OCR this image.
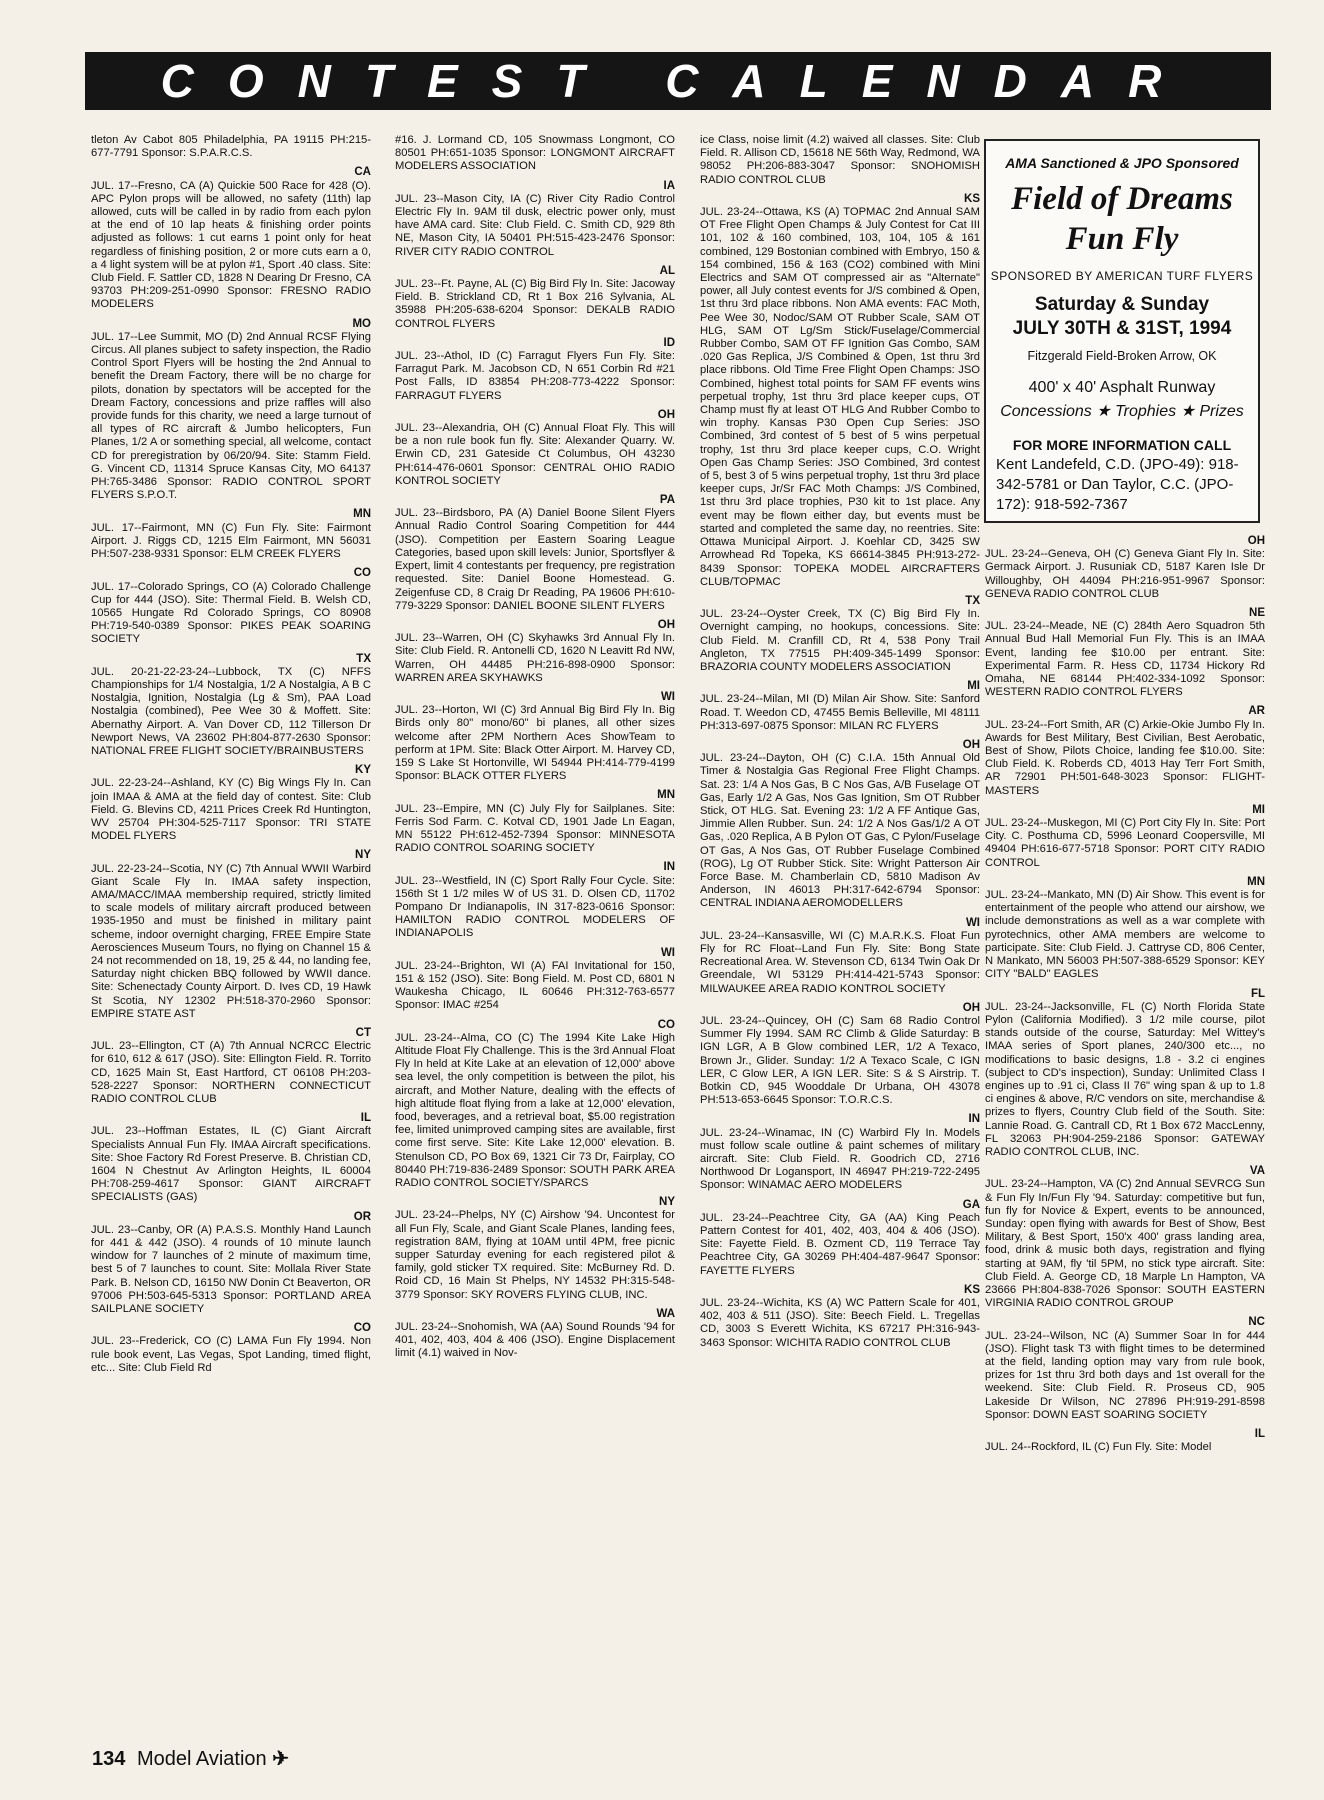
CONTEST CALENDAR
tleton Av Cabot 805 Philadelphia, PA 19115 PH:215-677-7791 Sponsor: S.P.A.R.C.S.
CA
JUL. 17--Fresno, CA (A) Quickie 500 Race for 428 (O). APC Pylon props will be allowed, no safety (11th) lap allowed, cuts will be called in by radio from each pylon at the end of 10 lap heats & finishing order points adjusted as follows: 1 cut earns 1 point only for heat regardless of finishing position, 2 or more cuts earn a 0, a 4 light system will be at pylon #1, Sport .40 class. Site: Club Field. F. Sattler CD, 1828 N Dearing Dr Fresno, CA 93703 PH:209-251-0990 Sponsor: FRESNO RADIO MODELERS
MO
JUL. 17--Lee Summit, MO (D) 2nd Annual RCSF Flying Circus. All planes subject to safety inspection, the Radio Control Sport Flyers will be hosting the 2nd Annual to benefit the Dream Factory, there will be no charge for pilots, donation by spectators will be accepted for the Dream Factory, concessions and prize raffles will also provide funds for this charity, we need a large turnout of all types of RC aircraft & Jumbo helicopters, Fun Planes, 1/2 A or something special, all welcome, contact CD for preregistration by 06/20/94. Site: Stamm Field. G. Vincent CD, 11314 Spruce Kansas City, MO 64137 PH:765-3486 Sponsor: RADIO CONTROL SPORT FLYERS S.P.O.T.
MN
JUL. 17--Fairmont, MN (C) Fun Fly. Site: Fairmont Airport. J. Riggs CD, 1215 Elm Fairmont, MN 56031 PH:507-238-9331 Sponsor: ELM CREEK FLYERS
CO
JUL. 17--Colorado Springs, CO (A) Colorado Challenge Cup for 444 (JSO). Site: Thermal Field. B. Welsh CD, 10565 Hungate Rd Colorado Springs, CO 80908 PH:719-540-0389 Sponsor: PIKES PEAK SOARING SOCIETY
TX
JUL. 20-21-22-23-24--Lubbock, TX (C) NFFS Championships for 1/4 Nostalgia, 1/2 A Nostalgia, A B C Nostalgia, Ignition, Nostalgia (Lg & Sm), PAA Load Nostalgia (combined), Pee Wee 30 & Moffett. Site: Abernathy Airport. A. Van Dover CD, 112 Tillerson Dr Newport News, VA 23602 PH:804-877-2630 Sponsor: NATIONAL FREE FLIGHT SOCIETY/BRAINBUSTERS
KY
JUL. 22-23-24--Ashland, KY (C) Big Wings Fly In. Can join IMAA & AMA at the field day of contest. Site: Club Field. G. Blevins CD, 4211 Prices Creek Rd Huntington, WV 25704 PH:304-525-7117 Sponsor: TRI STATE MODEL FLYERS
NY
JUL. 22-23-24--Scotia, NY (C) 7th Annual WWII Warbird Giant Scale Fly In. IMAA safety inspection, AMA/MACC/IMAA membership required, strictly limited to scale models of military aircraft produced between 1935-1950 and must be finished in military paint scheme, indoor overnight charging, FREE Empire State Aerosciences Museum Tours, no flying on Channel 15 & 24 not recommended on 18, 19, 25 & 44, no landing fee, Saturday night chicken BBQ followed by WWII dance. Site: Schenectady County Airport. D. Ives CD, 19 Hawk St Scotia, NY 12302 PH:518-370-2960 Sponsor: EMPIRE STATE AST
CT
JUL. 23--Ellington, CT (A) 7th Annual NCRCC Electric for 610, 612 & 617 (JSO). Site: Ellington Field. R. Torrito CD, 1625 Main St, East Hartford, CT 06108 PH:203-528-2227 Sponsor: NORTHERN CONNECTICUT RADIO CONTROL CLUB
IL
JUL. 23--Hoffman Estates, IL (C) Giant Aircraft Specialists Annual Fun Fly. IMAA Aircraft specifications. Site: Shoe Factory Rd Forest Preserve. B. Christian CD, 1604 N Chestnut Av Arlington Heights, IL 60004 PH:708-259-4617 Sponsor: GIANT AIRCRAFT SPECIALISTS (GAS)
OR
JUL. 23--Canby, OR (A) P.A.S.S. Monthly Hand Launch for 441 & 442 (JSO). 4 rounds of 10 minute launch window for 7 launches of 2 minute of maximum time, best 5 of 7 launches to count. Site: Mollala River State Park. B. Nelson CD, 16150 NW Donin Ct Beaverton, OR 97006 PH:503-645-5313 Sponsor: PORTLAND AREA SAILPLANE SOCIETY
CO
JUL. 23--Frederick, CO (C) LAMA Fun Fly 1994. Non rule book event, Las Vegas, Spot Landing, timed flight, etc... Site: Club Field Rd
#16. J. Lormand CD, 105 Snowmass Longmont, CO 80501 PH:651-1035 Sponsor: LONGMONT AIRCRAFT MODELERS ASSOCIATION
IA
JUL. 23--Mason City, IA (C) River City Radio Control Electric Fly In. 9AM til dusk, electric power only, must have AMA card. Site: Club Field. C. Smith CD, 929 8th NE, Mason City, IA 50401 PH:515-423-2476 Sponsor: RIVER CITY RADIO CONTROL
AL
JUL. 23--Ft. Payne, AL (C) Big Bird Fly In. Site: Jacoway Field. B. Strickland CD, Rt 1 Box 216 Sylvania, AL 35988 PH:205-638-6204 Sponsor: DEKALB RADIO CONTROL FLYERS
ID
JUL. 23--Athol, ID (C) Farragut Flyers Fun Fly. Site: Farragut Park. M. Jacobson CD, N 651 Corbin Rd #21 Post Falls, ID 83854 PH:208-773-4222 Sponsor: FARRAGUT FLYERS
OH
JUL. 23--Alexandria, OH (C) Annual Float Fly. This will be a non rule book fun fly. Site: Alexander Quarry. W. Erwin CD, 231 Gateside Ct Columbus, OH 43230 PH:614-476-0601 Sponsor: CENTRAL OHIO RADIO KONTROL SOCIETY
PA
JUL. 23--Birdsboro, PA (A) Daniel Boone Silent Flyers Annual Radio Control Soaring Competition for 444 (JSO). Competition per Eastern Soaring League Categories, based upon skill levels: Junior, Sportsflyer & Expert, limit 4 contestants per frequency, pre registration requested. Site: Daniel Boone Homestead. G. Zeigenfuse CD, 8 Craig Dr Reading, PA 19606 PH:610-779-3229 Sponsor: DANIEL BOONE SILENT FLYERS
OH
JUL. 23--Warren, OH (C) Skyhawks 3rd Annual Fly In. Site: Club Field. R. Antonelli CD, 1620 N Leavitt Rd NW, Warren, OH 44485 PH:216-898-0900 Sponsor: WARREN AREA SKYHAWKS
WI
JUL. 23--Horton, WI (C) 3rd Annual Big Bird Fly In. Big Birds only 80" mono/60" bi planes, all other sizes welcome after 2PM Northern Aces ShowTeam to perform at 1PM. Site: Black Otter Airport. M. Harvey CD, 159 S Lake St Hortonville, WI 54944 PH:414-779-4199 Sponsor: BLACK OTTER FLYERS
MN
JUL. 23--Empire, MN (C) July Fly for Sailplanes. Site: Ferris Sod Farm. C. Kotval CD, 1901 Jade Ln Eagan, MN 55122 PH:612-452-7394 Sponsor: MINNESOTA RADIO CONTROL SOARING SOCIETY
IN
JUL. 23--Westfield, IN (C) Sport Rally Four Cycle. Site: 156th St 1 1/2 miles W of US 31. D. Olsen CD, 11702 Pompano Dr Indianapolis, IN 317-823-0616 Sponsor: HAMILTON RADIO CONTROL MODELERS OF INDIANAPOLIS
WI
JUL. 23-24--Brighton, WI (A) FAI Invitational for 150, 151 & 152 (JSO). Site: Bong Field. M. Post CD, 6801 N Waukesha Chicago, IL 60646 PH:312-763-6577 Sponsor: IMAC #254
CO
JUL. 23-24--Alma, CO (C) The 1994 Kite Lake High Altitude Float Fly Challenge. This is the 3rd Annual Float Fly In held at Kite Lake at an elevation of 12,000' above sea level, the only competition is between the pilot, his aircraft, and Mother Nature, dealing with the effects of high altitude float flying from a lake at 12,000' elevation, food, beverages, and a retrieval boat, $5.00 registration fee, limited unimproved camping sites are available, first come first serve. Site: Kite Lake 12,000' elevation. B. Stenulson CD, PO Box 69, 1321 Cir 73 Dr, Fairplay, CO 80440 PH:719-836-2489 Sponsor: SOUTH PARK AREA RADIO CONTROL SOCIETY/SPARCS
NY
JUL. 23-24--Phelps, NY (C) Airshow '94. Uncontest for all Fun Fly, Scale, and Giant Scale Planes, landing fees, registration 8AM, flying at 10AM until 4PM, free picnic supper Saturday evening for each registered pilot & family, gold sticker TX required. Site: McBurney Rd. D. Roid CD, 16 Main St Phelps, NY 14532 PH:315-548-3779 Sponsor: SKY ROVERS FLYING CLUB, INC.
WA
JUL. 23-24--Snohomish, WA (AA) Sound Rounds '94 for 401, 402, 403, 404 & 406 (JSO). Engine Displacement limit (4.1) waived in Nov-
ice Class, noise limit (4.2) waived all classes. Site: Club Field. R. Allison CD, 15618 NE 56th Way, Redmond, WA 98052 PH:206-883-3047 Sponsor: SNOHOMISH RADIO CONTROL CLUB
KS
JUL. 23-24--Ottawa, KS (A) TOPMAC 2nd Annual SAM OT Free Flight Open Champs & July Contest for Cat III 101, 102 & 160 combined, 103, 104, 105 & 161 combined, 129 Bostonian combined with Embryo, 150 & 154 combined, 156 & 163 (CO2) combined with Mini Electrics and SAM OT compressed air as "Alternate" power, all July contest events for J/S combined & Open, 1st thru 3rd place ribbons. Non AMA events: FAC Moth, Pee Wee 30, Nodoc/SAM OT Rubber Scale, SAM OT HLG, SAM OT Lg/Sm Stick/Fuselage/Commercial Rubber Combo, SAM OT FF Ignition Gas Combo, SAM .020 Gas Replica, J/S Combined & Open, 1st thru 3rd place ribbons. Old Time Free Flight Open Champs: JSO Combined, highest total points for SAM FF events wins perpetual trophy, 1st thru 3rd place keeper cups, OT Champ must fly at least OT HLG And Rubber Combo to win trophy. Kansas P30 Open Cup Series: JSO Combined, 3rd contest of 5 best of 5 wins perpetual trophy, 1st thru 3rd place keeper cups, C.O. Wright Open Gas Champ Series: JSO Combined, 3rd contest of 5, best 3 of 5 wins perpetual trophy, 1st thru 3rd place keeper cups, Jr/Sr FAC Moth Champs: J/S Combined, 1st thru 3rd place trophies, P30 kit to 1st place. Any event may be flown either day, but events must be started and completed the same day, no reentries. Site: Ottawa Municipal Airport. J. Koehlar CD, 3425 SW Arrowhead Rd Topeka, KS 66614-3845 PH:913-272-8439 Sponsor: TOPEKA MODEL AIRCRAFTERS CLUB/TOPMAC
TX
JUL. 23-24--Oyster Creek, TX (C) Big Bird Fly In. Overnight camping, no hookups, concessions. Site: Club Field. M. Cranfill CD, Rt 4, 538 Pony Trail Angleton, TX 77515 PH:409-345-1499 Sponsor: BRAZORIA COUNTY MODELERS ASSOCIATION
MI
JUL. 23-24--Milan, MI (D) Milan Air Show. Site: Sanford Road. T. Weedon CD, 47455 Bemis Belleville, MI 48111 PH:313-697-0875 Sponsor: MILAN RC FLYERS
OH
JUL. 23-24--Dayton, OH (C) C.I.A. 15th Annual Old Timer & Nostalgia Gas Regional Free Flight Champs. Sat. 23: 1/4 A Nos Gas, B C Nos Gas, A/B Fuselage OT Gas, Early 1/2 A Gas, Nos Gas Ignition, Sm OT Rubber Stick, OT HLG. Sat. Evening 23: 1/2 A FF Antique Gas, Jimmie Allen Rubber. Sun. 24: 1/2 A Nos Gas/1/2 A OT Gas, .020 Replica, A B Pylon OT Gas, C Pylon/Fuselage OT Gas, A Nos Gas, OT Rubber Fuselage Combined (ROG), Lg OT Rubber Stick. Site: Wright Patterson Air Force Base. M. Chamberlain CD, 5810 Madison Av Anderson, IN 46013 PH:317-642-6794 Sponsor: CENTRAL INDIANA AEROMODELLERS
WI
JUL. 23-24--Kansasville, WI (C) M.A.R.K.S. Float Fun Fly for RC Float--Land Fun Fly. Site: Bong State Recreational Area. W. Stevenson CD, 6134 Twin Oak Dr Greendale, WI 53129 PH:414-421-5743 Sponsor: MILWAUKEE AREA RADIO KONTROL SOCIETY
OH
JUL. 23-24--Quincey, OH (C) Sam 68 Radio Control Summer Fly 1994. SAM RC Climb & Glide Saturday: B IGN LGR, A B Glow combined LER, 1/2 A Texaco, Brown Jr., Glider. Sunday: 1/2 A Texaco Scale, C IGN LER, C Glow LER, A IGN LER. Site: S & S Airstrip. T. Botkin CD, 945 Wooddale Dr Urbana, OH 43078 PH:513-653-6645 Sponsor: T.O.R.C.S.
IN
JUL. 23-24--Winamac, IN (C) Warbird Fly In. Models must follow scale outline & paint schemes of military aircraft. Site: Club Field. R. Goodrich CD, 2716 Northwood Dr Logansport, IN 46947 PH:219-722-2495 Sponsor: WINAMAC AERO MODELERS
GA
JUL. 23-24--Peachtree City, GA (AA) King Peach Pattern Contest for 401, 402, 403, 404 & 406 (JSO). Site: Fayette Field. B. Ozment CD, 119 Terrace Tay Peachtree City, GA 30269 PH:404-487-9647 Sponsor: FAYETTE FLYERS
KS
JUL. 23-24--Wichita, KS (A) WC Pattern Scale for 401, 402, 403 & 511 (JSO). Site: Beech Field. L. Tregellas CD, 3003 S Everett Wichita, KS 67217 PH:316-943-3463 Sponsor: WICHITA RADIO CONTROL CLUB
AMA Sanctioned & JPO Sponsored
Field of Dreams
Fun Fly
SPONSORED BY AMERICAN TURF FLYERS
Saturday & Sunday
JULY 30TH & 31ST, 1994
Fitzgerald Field-Broken Arrow, OK
400' x 40' Asphalt Runway
Concessions ★ Trophies ★ Prizes
FOR MORE INFORMATION CALL
Kent Landefeld, C.D. (JPO-49): 918-342-5781 or Dan Taylor, C.C. (JPO-172): 918-592-7367
OH
JUL. 23-24--Geneva, OH (C) Geneva Giant Fly In. Site: Germack Airport. J. Rusuniak CD, 5187 Karen Isle Dr Willoughby, OH 44094 PH:216-951-9967 Sponsor: GENEVA RADIO CONTROL CLUB
NE
JUL. 23-24--Meade, NE (C) 284th Aero Squadron 5th Annual Bud Hall Memorial Fun Fly. This is an IMAA Event, landing fee $10.00 per entrant. Site: Experimental Farm. R. Hess CD, 11734 Hickory Rd Omaha, NE 68144 PH:402-334-1092 Sponsor: WESTERN RADIO CONTROL FLYERS
AR
JUL. 23-24--Fort Smith, AR (C) Arkie-Okie Jumbo Fly In. Awards for Best Military, Best Civilian, Best Aerobatic, Best of Show, Pilots Choice, landing fee $10.00. Site: Club Field. K. Roberds CD, 4013 Hay Terr Fort Smith, AR 72901 PH:501-648-3023 Sponsor: FLIGHT-MASTERS
MI
JUL. 23-24--Muskegon, MI (C) Port City Fly In. Site: Port City. C. Posthuma CD, 5996 Leonard Coopersville, MI 49404 PH:616-677-5718 Sponsor: PORT CITY RADIO CONTROL
MN
JUL. 23-24--Mankato, MN (D) Air Show. This event is for entertainment of the people who attend our airshow, we include demonstrations as well as a war complete with pyrotechnics, other AMA members are welcome to participate. Site: Club Field. J. Cattryse CD, 806 Center, N Mankato, MN 56003 PH:507-388-6529 Sponsor: KEY CITY "BALD" EAGLES
FL
JUL. 23-24--Jacksonville, FL (C) North Florida State Pylon (California Modified). 3 1/2 mile course, pilot stands outside of the course, Saturday: Mel Wittey's IMAA series of Sport planes, 240/300 etc..., no modifications to basic designs, 1.8 - 3.2 ci engines (subject to CD's inspection), Sunday: Unlimited Class I engines up to .91 ci, Class II 76" wing span & up to 1.8 ci engines & above, R/C vendors on site, merchandise & prizes to flyers, Country Club field of the South. Site: Lannie Road. G. Cantrall CD, Rt 1 Box 672 MaccLenny, FL 32063 PH:904-259-2186 Sponsor: GATEWAY RADIO CONTROL CLUB, INC.
VA
JUL. 23-24--Hampton, VA (C) 2nd Annual SEVRCG Sun & Fun Fly In/Fun Fly '94. Saturday: competitive but fun, fun fly for Novice & Expert, events to be announced, Sunday: open flying with awards for Best of Show, Best Military, & Best Sport, 150'x 400' grass landing area, food, drink & music both days, registration and flying starting at 9AM, fly 'til 5PM, no stick type aircraft. Site: Club Field. A. George CD, 18 Marple Ln Hampton, VA 23666 PH:804-838-7026 Sponsor: SOUTH EASTERN VIRGINIA RADIO CONTROL GROUP
NC
JUL. 23-24--Wilson, NC (A) Summer Soar In for 444 (JSO). Flight task T3 with flight times to be determined at the field, landing option may vary from rule book, prizes for 1st thru 3rd both days and 1st overall for the weekend. Site: Club Field. R. Proseus CD, 905 Lakeside Dr Wilson, NC 27896 PH:919-291-8598 Sponsor: DOWN EAST SOARING SOCIETY
IL
JUL. 24--Rockford, IL (C) Fun Fly. Site: Model
134 Model Aviation ✈
